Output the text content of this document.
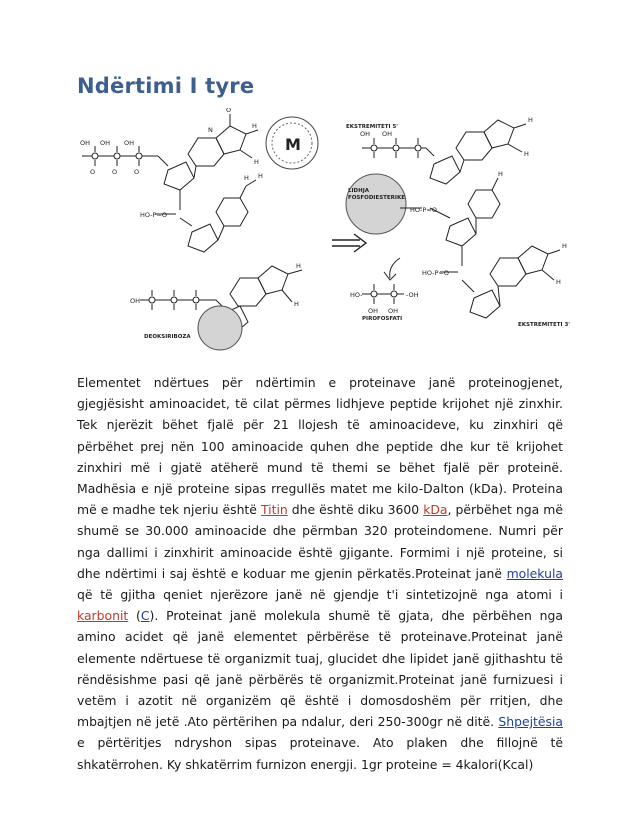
Ndërtimi I tyre
OH OH OH
O	O	O
N
O
H
H
HO-P=O
H H
OH
H
H
OH OH
H
H
HO-P=O
H
HO-P=O
HO-	-OH
OH OH
H
H
EKSTREMITETI 5'
LIDHJA
FOSFODIESTERIKE
DEOKSIRIBOZA
PIROFOSFATI
EKSTREMITETI 3'
M

Elementet ndërtues për ndërtimin e proteinave janë proteinogjenet, gjegjësisht aminoacidet, të cilat përmes lidhjeve peptide krijohet një zinxhir. Tek njerëzit bëhet fjalë për 21 llojesh të aminoacideve, ku zinxhiri që përbëhet prej nën 100 aminoacide quhen dhe peptide dhe kur të krijohet zinxhiri më i gjatë atëherë mund të themi se bëhet fjalë për proteinë. Madhësia e një proteine sipas rregullës matet me kilo-Dalton (kDa). Proteina më e madhe tek njeriu është Titin dhe është diku 3600 kDa, përbëhet nga më shumë se 30.000 aminoacide dhe përmban 320 proteindomene. Numri për nga dallimi i zinxhirit aminoacide është gjigante. Formimi i një proteine, si dhe ndërtimi i saj është e koduar me gjenin përkatës.Proteinat janë molekula që të gjitha qeniet njerëzore janë në gjendje t'i sintetizojnë nga atomi i karbonit (C). Proteinat janë molekula shumë të gjata, dhe përbëhen nga amino acidet që janë elementet përbërëse të proteinave.Proteinat janë elemente ndërtuese të organizmit tuaj, glucidet dhe lipidet janë gjithashtu të rëndësishme pasi që janë përbërës të organizmit.Proteinat janë furnizuesi i vetëm i azotit në organizëm që është i domosdoshëm për rritjen, dhe mbajtjen në jetë .Ato përtërihen pa ndalur, deri 250-300gr në ditë. Shpejtësia e përtëritjes ndryshon sipas proteinave. Ato plaken dhe fillojnë të shkatërrohen. Ky shkatërrim furnizon energji. 1gr proteine = 4kalori(Kcal)
